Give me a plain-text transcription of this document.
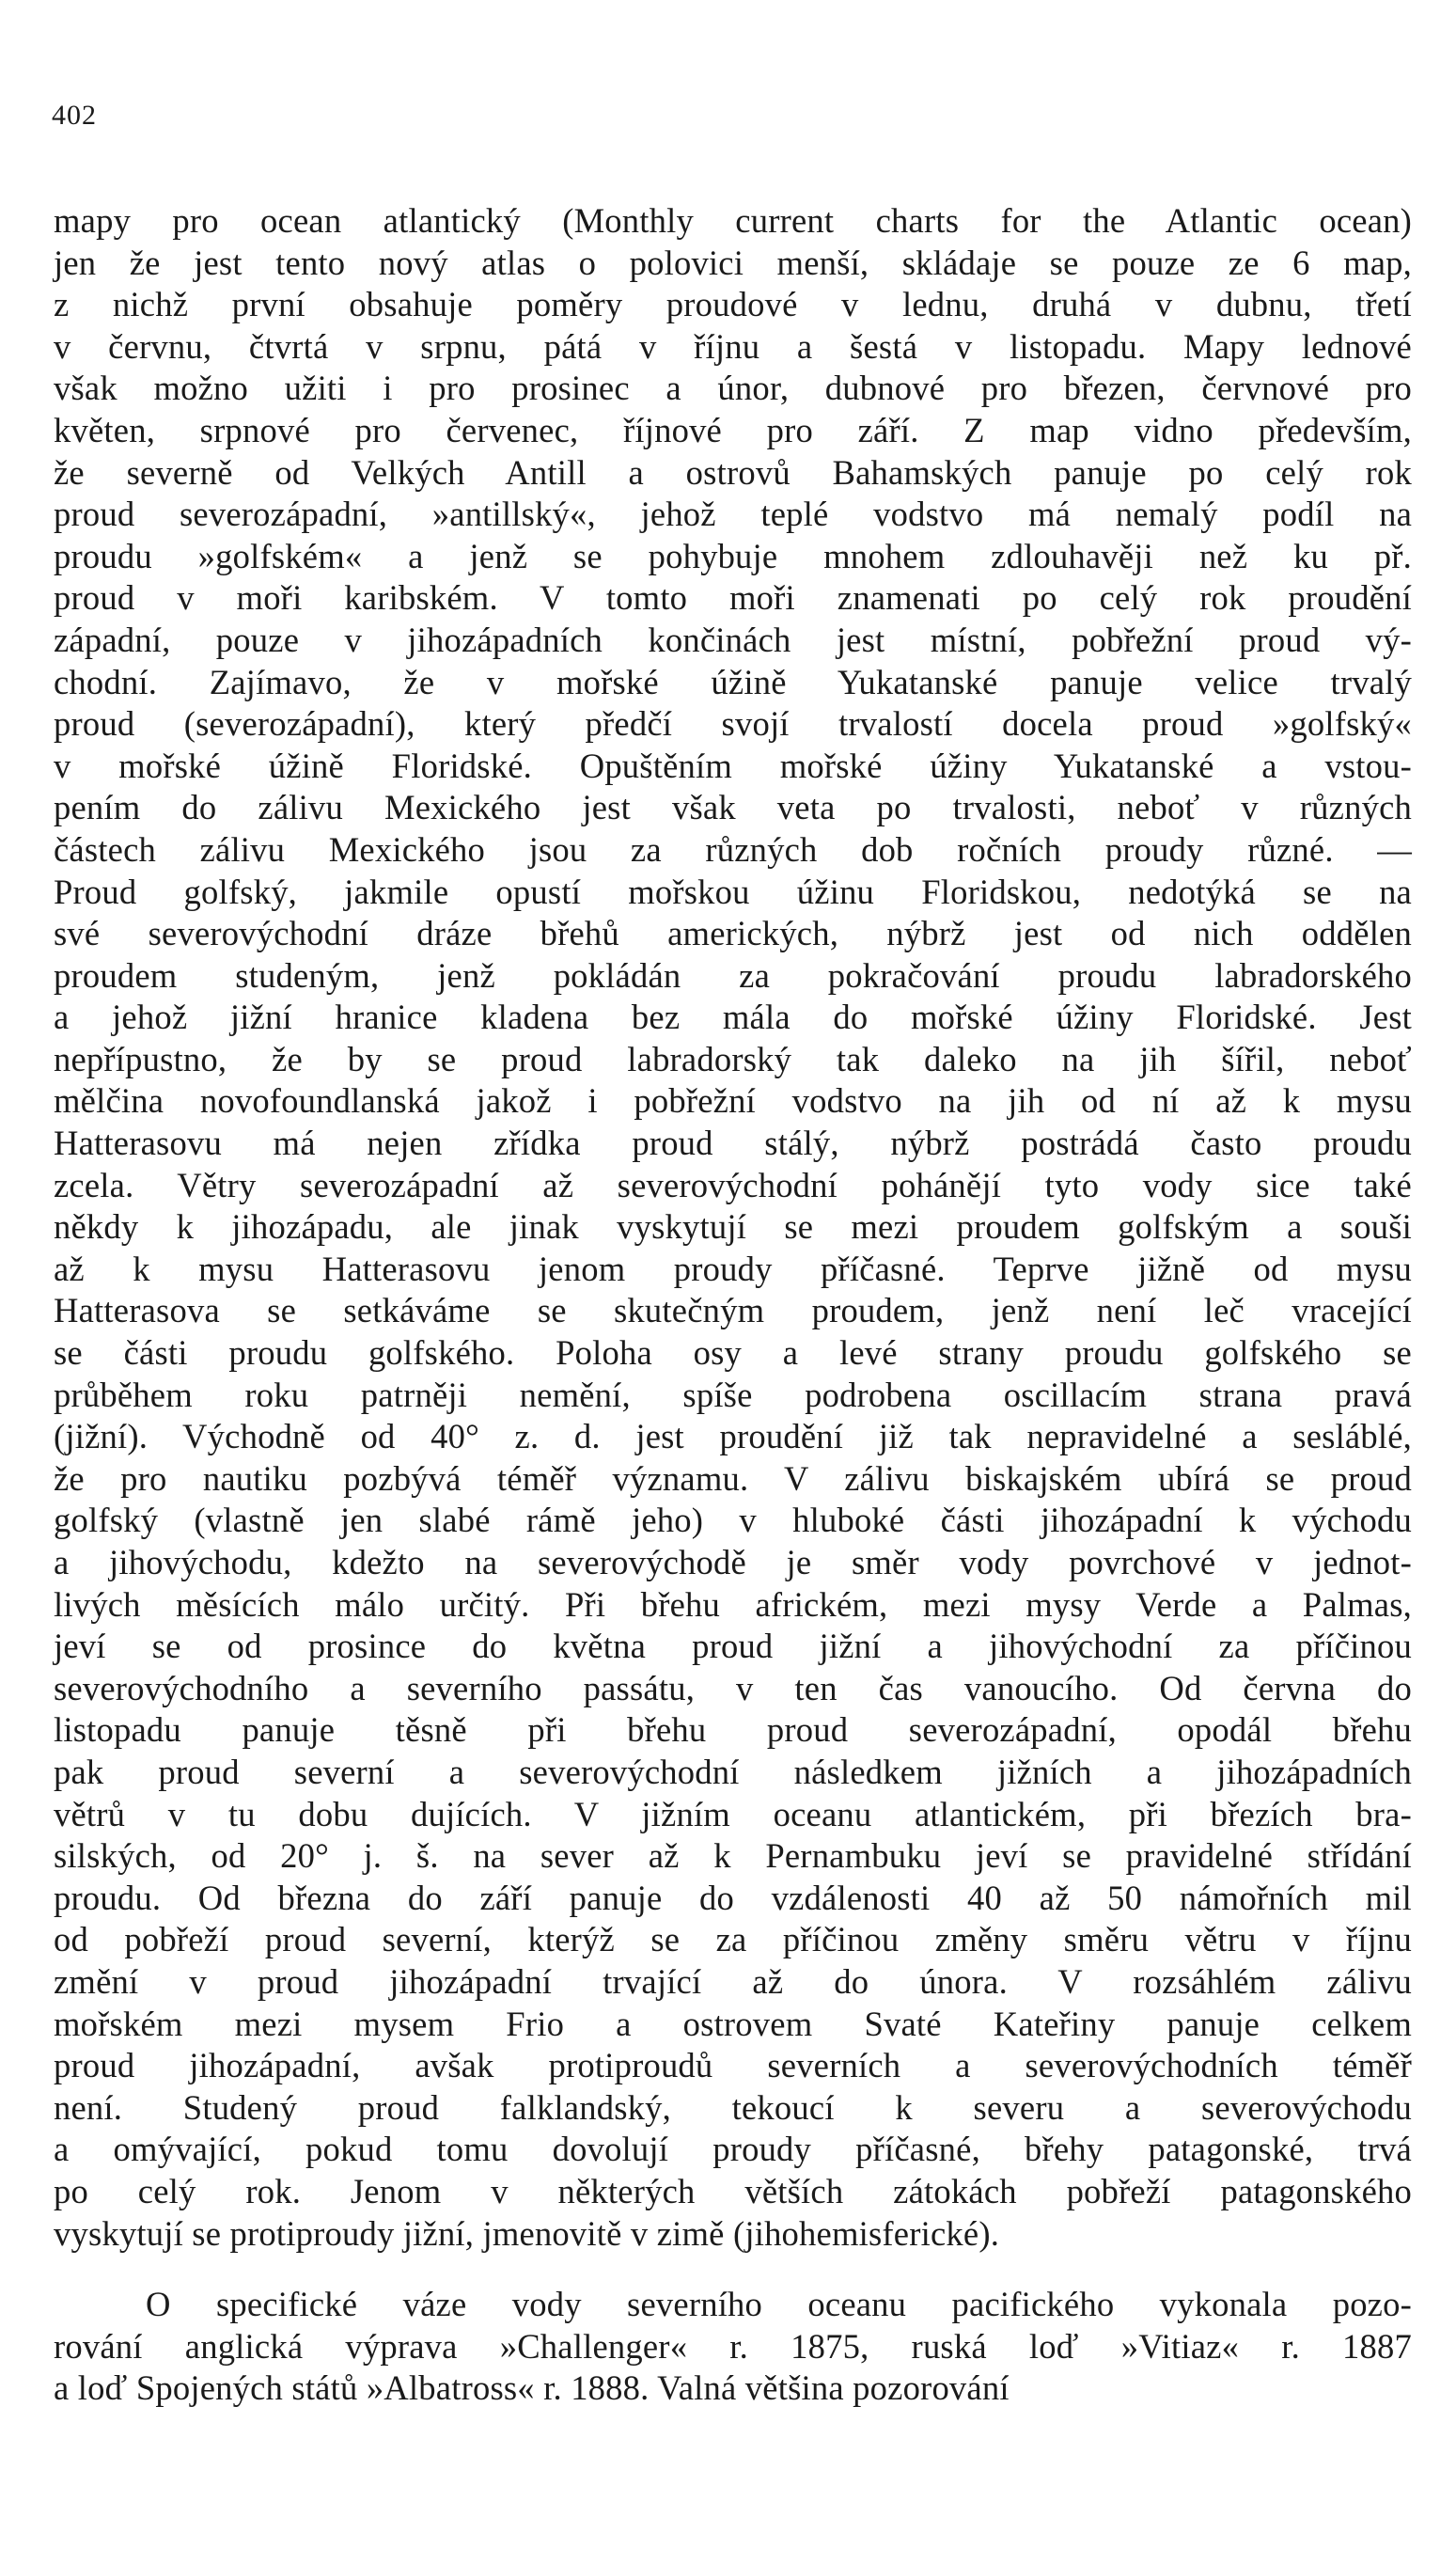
402
mapy pro ocean atlantický (Monthly current charts for the Atlantic ocean)
jen že jest tento nový atlas o polovici menší, skládaje se pouze ze 6 map,
z nichž první obsahuje poměry proudové v lednu, druhá v dubnu, třetí
v červnu, čtvrtá v srpnu, pátá v říjnu a šestá v listopadu. Mapy lednové
však možno užiti i pro prosinec a únor, dubnové pro březen, červnové pro
květen, srpnové pro červenec, říjnové pro září. Z map vidno především,
že severně od Velkých Antill a ostrovů Bahamských panuje po celý rok
proud severozápadní, »antillský«, jehož teplé vodstvo má nemalý podíl na
proudu »golfském« a jenž se pohybuje mnohem zdlouhavěji než ku př.
proud v moři karibském. V tomto moři znamenati po celý rok proudění
západní, pouze v jihozápadních končinách jest místní, pobřežní proud vý-
chodní. Zajímavo, že v mořské úžině Yukatanské panuje velice trvalý
proud (severozápadní), který předčí svojí trvalostí docela proud »golfský«
v mořské úžině Floridské. Opuštěním mořské úžiny Yukatanské a vstou-
pením do zálivu Mexického jest však veta po trvalosti, neboť v různých
částech zálivu Mexického jsou za různých dob ročních proudy různé. —
Proud golfský, jakmile opustí mořskou úžinu Floridskou, nedotýká se na
své severovýchodní dráze břehů amerických, nýbrž jest od nich oddělen
proudem studeným, jenž pokládán za pokračování proudu labradorského
a jehož jižní hranice kladena bez mála do mořské úžiny Floridské. Jest
nepřípustno, že by se proud labradorský tak daleko na jih šířil, neboť
mělčina novofoundlanská jakož i pobřežní vodstvo na jih od ní až k mysu
Hatterasovu má nejen zřídka proud stálý, nýbrž postrádá často proudu
zcela. Větry severozápadní až severovýchodní pohánějí tyto vody sice také
někdy k jihozápadu, ale jinak vyskytují se mezi proudem golfským a souši
až k mysu Hatterasovu jenom proudy příčasné. Teprve jižně od mysu
Hatterasova se setkáváme se skutečným proudem, jenž není leč vracející
se části proudu golfského. Poloha osy a levé strany proudu golfského se
průběhem roku patrněji nemění, spíše podrobena oscillacím strana pravá
(jižní). Východně od 40° z. d. jest proudění již tak nepravidelné a sesláblé,
že pro nautiku pozbývá téměř významu. V zálivu biskajském ubírá se proud
golfský (vlastně jen slabé rámě jeho) v hluboké části jihozápadní k východu
a jihovýchodu, kdežto na severovýchodě je směr vody povrchové v jednot-
livých měsících málo určitý. Při břehu africkém, mezi mysy Verde a Palmas,
jeví se od prosince do května proud jižní a jihovýchodní za příčinou
severovýchodního a severního passátu, v ten čas vanoucího. Od června do
listopadu panuje těsně při břehu proud severozápadní, opodál břehu
pak proud severní a severovýchodní následkem jižních a jihozápadních
větrů v tu dobu dujících. V jižním oceanu atlantickém, při březích bra-
silských, od 20° j. š. na sever až k Pernambuku jeví se pravidelné střídání
proudu. Od března do září panuje do vzdálenosti 40 až 50 námořních mil
od pobřeží proud severní, kterýž se za příčinou změny směru větru v říjnu
změní v proud jihozápadní trvající až do února. V rozsáhlém zálivu
mořském mezi mysem Frio a ostrovem Svaté Kateřiny panuje celkem
proud jihozápadní, avšak protiproudů severních a severovýchodních téměř
není. Studený proud falklandský, tekoucí k severu a severovýchodu
a omývající, pokud tomu dovolují proudy příčasné, břehy patagonské, trvá
po celý rok. Jenom v některých větších zátokách pobřeží patagonského
vyskytují se protiproudy jižní, jmenovitě v zimě (jihohemisferické).
O specifické váze vody severního oceanu pacifického vykonala pozo-
rování anglická výprava »Challenger« r. 1875, ruská loď »Vitiaz« r. 1887
a loď Spojených států »Albatross« r. 1888. Valná většina pozorování
